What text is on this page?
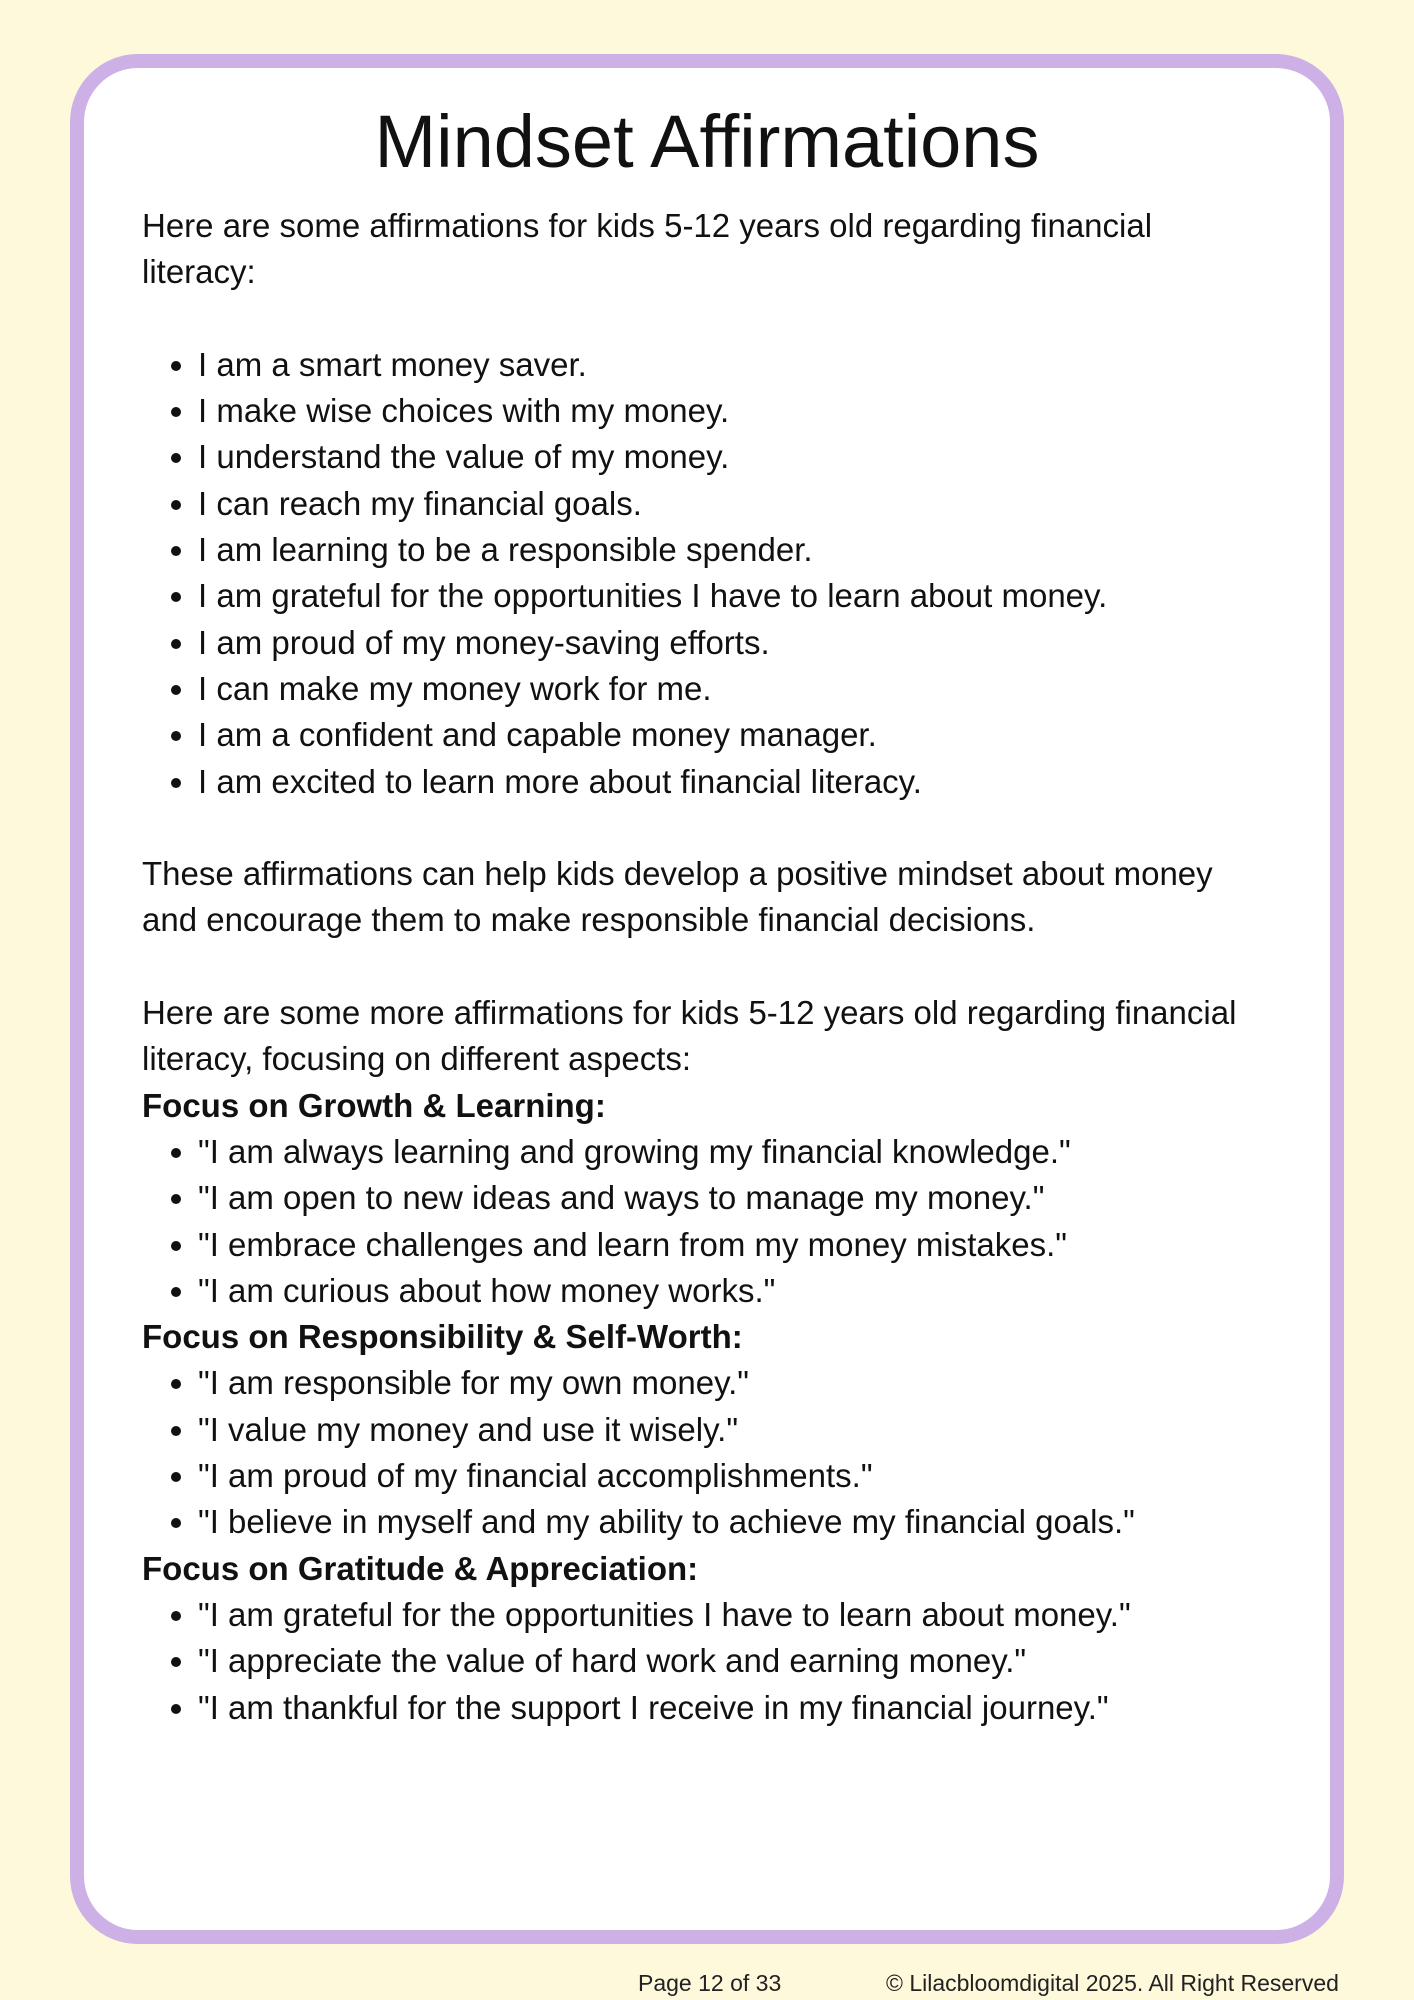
Mindset Affirmations

Here are some affirmations for kids 5-12 years old regarding financial literacy:

• I am a smart money saver.
• I make wise choices with my money.
• I understand the value of my money.
• I can reach my financial goals.
• I am learning to be a responsible spender.
• I am grateful for the opportunities I have to learn about money.
• I am proud of my money-saving efforts.
• I can make my money work for me.
• I am a confident and capable money manager.
• I am excited to learn more about financial literacy.

These affirmations can help kids develop a positive mindset about money and encourage them to make responsible financial decisions.

Here are some more affirmations for kids 5-12 years old regarding financial literacy, focusing on different aspects:

Focus on Growth & Learning:

• "I am always learning and growing my financial knowledge."
• "I am open to new ideas and ways to manage my money."
• "I embrace challenges and learn from my money mistakes."
• "I am curious about how money works."

Focus on Responsibility & Self-Worth:

• "I am responsible for my own money."
• "I value my money and use it wisely."
• "I am proud of my financial accomplishments."
• "I believe in myself and my ability to achieve my financial goals."

Focus on Gratitude & Appreciation:

• "I am grateful for the opportunities I have to learn about money."
• "I appreciate the value of hard work and earning money."
• "I am thankful for the support I receive in my financial journey."
Page 12 of 33	© Lilacbloomdigital 2025. All Right Reserved
